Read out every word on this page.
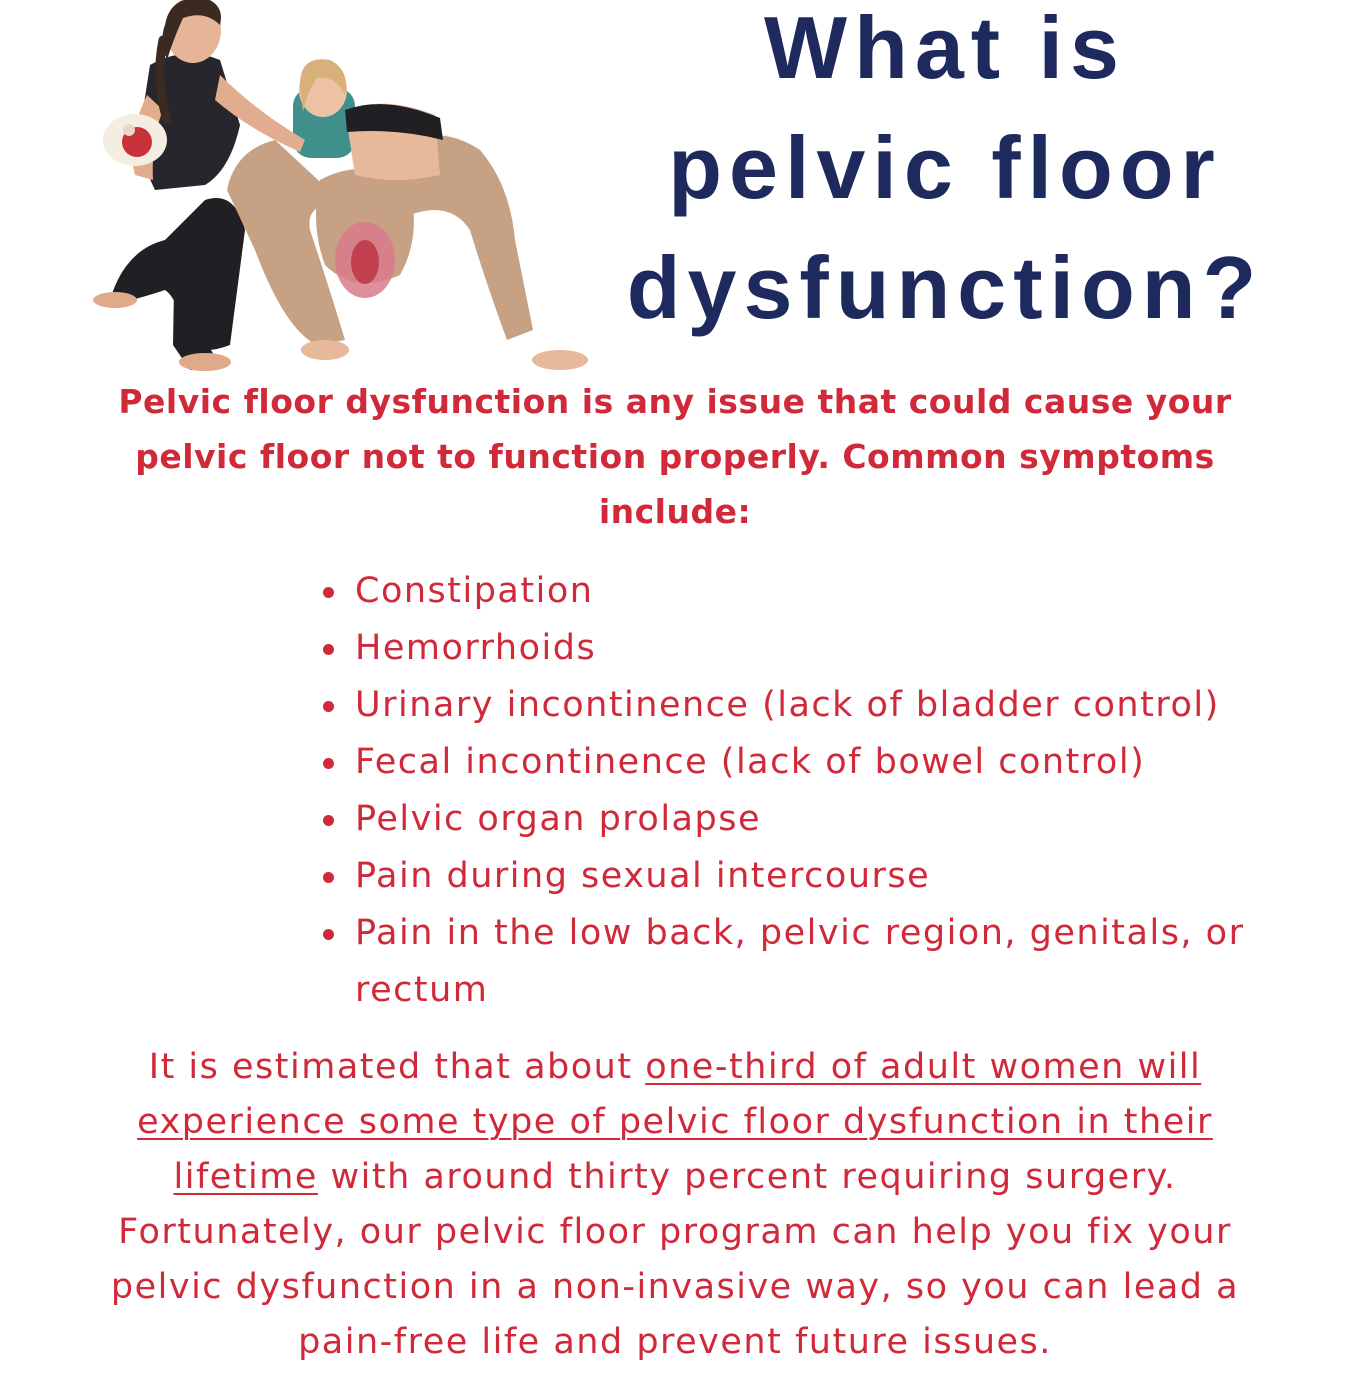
What is
pelvic floor
dysfunction?

Pelvic floor dysfunction is any issue that could cause your pelvic floor not to function properly. Common symptoms include:

Constipation
Hemorrhoids
Urinary incontinence (lack of bladder control)
Fecal incontinence (lack of bowel control)
Pelvic organ prolapse
Pain during sexual intercourse
Pain in the low back, pelvic region, genitals, or rectum

It is estimated that about one-third of adult women will experience some type of pelvic floor dysfunction in their lifetime with around thirty percent requiring surgery. Fortunately, our pelvic floor program can help you fix your pelvic dysfunction in a non-invasive way, so you can lead a pain-free life and prevent future issues.
